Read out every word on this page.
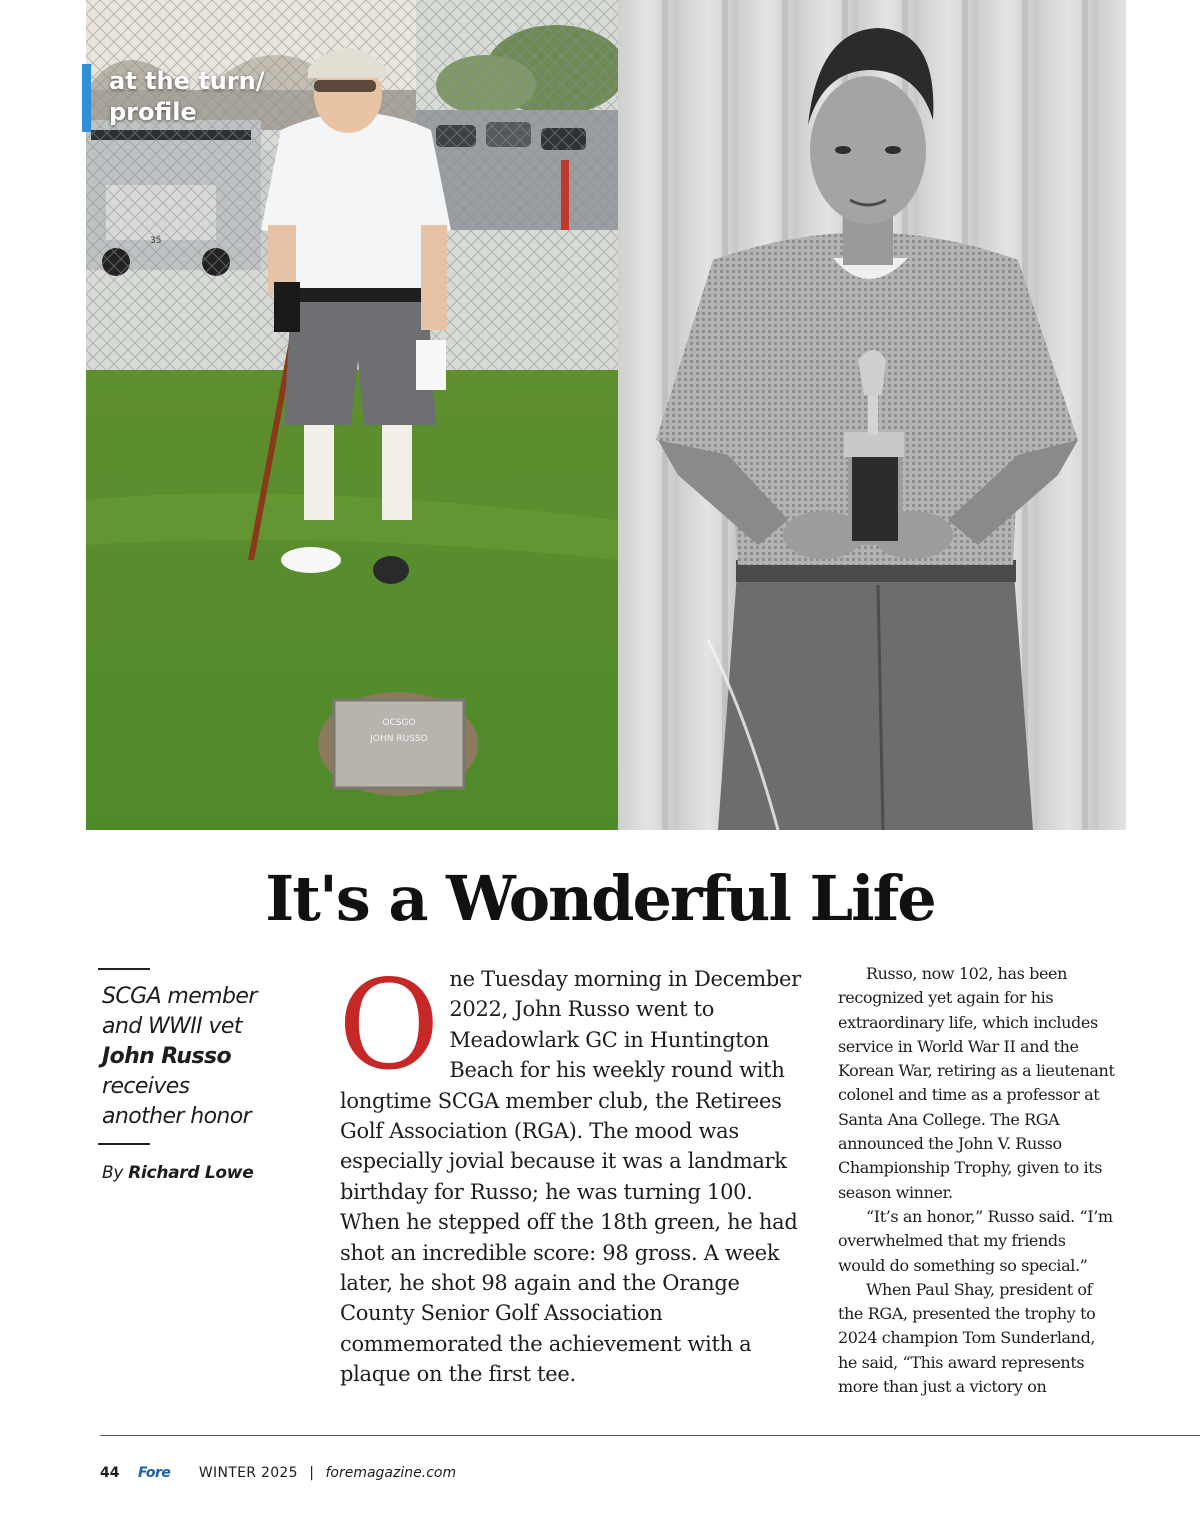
OCSGO
JOHN RUSSO
at the turn/
profile
It's a Wonderful Life
SCGA member
and WWII vet
John Russo
receives
another honor
By Richard Lowe

One Tuesday morning in December 2022, John Russo went to Meadowlark GC in Huntington Beach for his weekly round with longtime SCGA member club, the Retirees Golf Association (RGA). The mood was especially jovial because it was a landmark birthday for Russo; he was turning 100. When he stepped off the 18th green, he had shot an incredible score: 98 gross. A week later, he shot 98 again and the Orange County Senior Golf Association commemorated the achievement with a plaque on the first tee.

Russo, now 102, has been recognized yet again for his extraordinary life, which includes service in World War II and the Korean War, retiring as a lieutenant colonel and time as a professor at Santa Ana College. The RGA announced the John V. Russo Championship Trophy, given to its season winner.

“It’s an honor,” Russo said. “I’m overwhelmed that my friends would do something so special.”

When Paul Shay, president of the RGA, presented the trophy to 2024 champion Tom Sunderland, he said, “This award represents more than just a victory on

44 Fore WINTER 2025 | foremagazine.com
